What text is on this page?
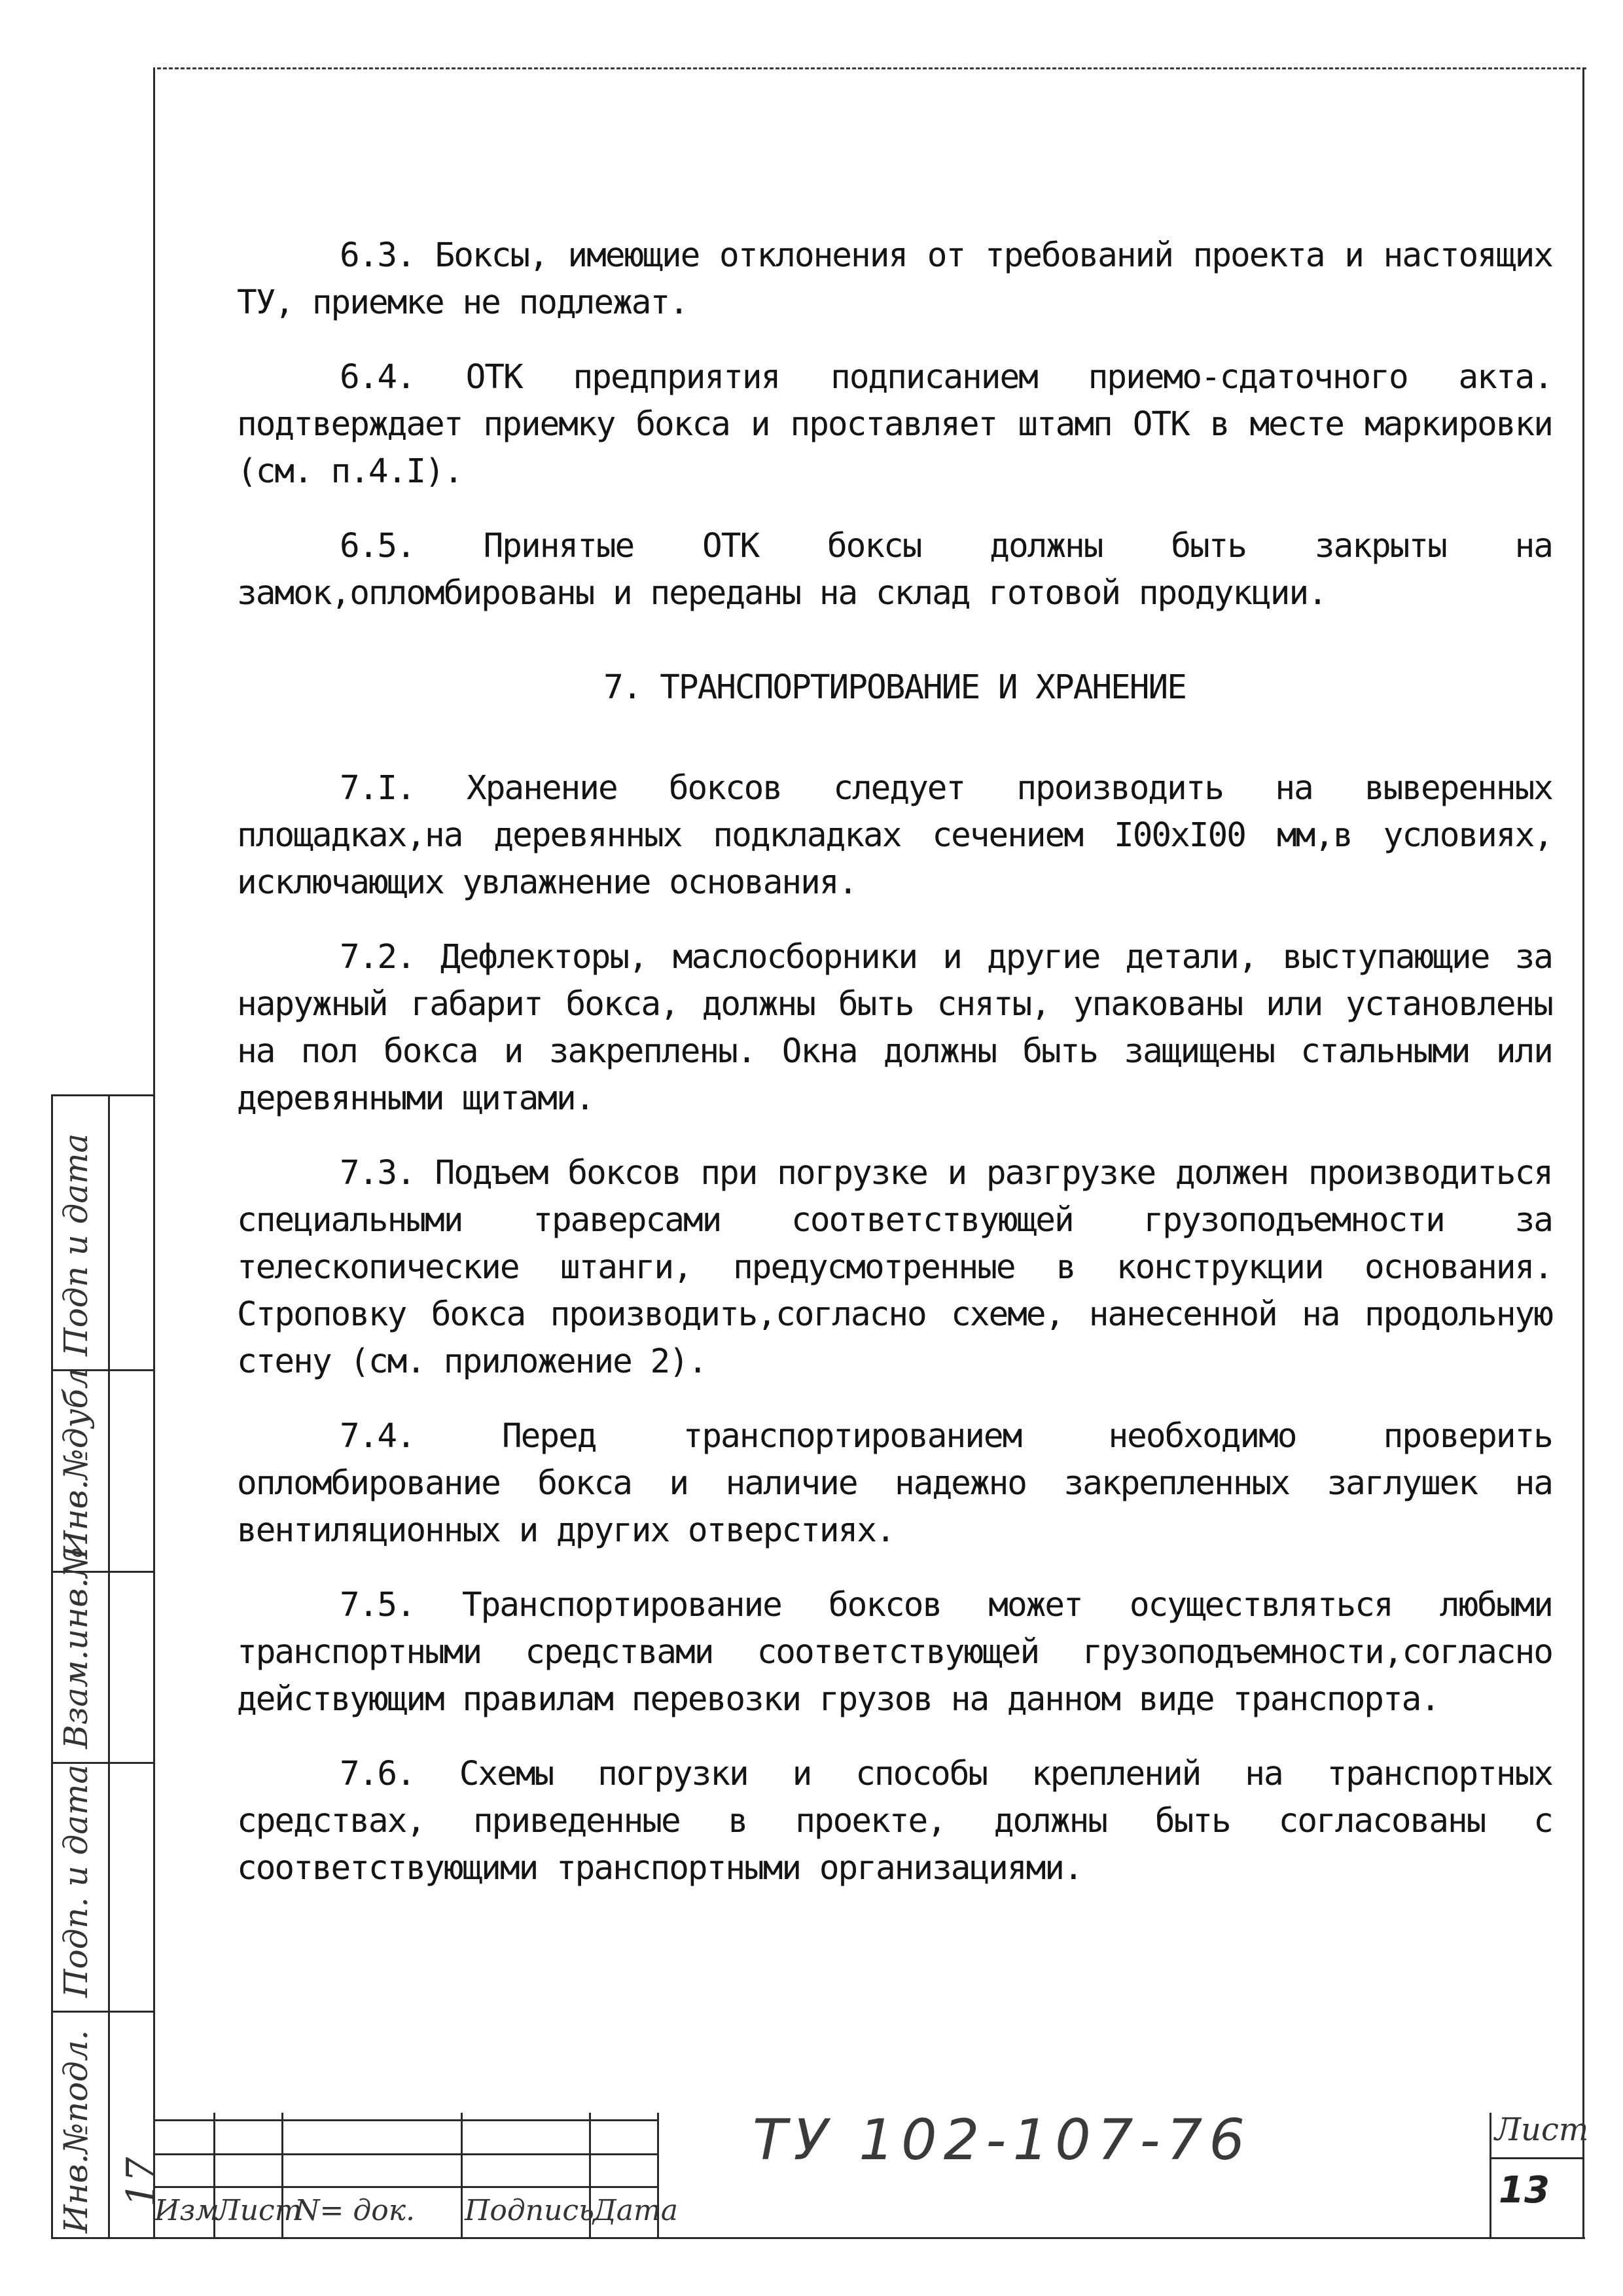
6.3. Боксы, имеющие отклонения от требований проекта и настоящих ТУ, приемке не подлежат.

6.4. ОТК предприятия подписанием приемо-сдаточного акта. подтверждает приемку бокса и проставляет штамп ОТК в месте маркировки (см. п.4.I).

6.5. Принятые ОТК боксы должны быть закрыты на замок,опломбированы и переданы на склад готовой продукции.

7. ТРАНСПОРТИРОВАНИЕ И ХРАНЕНИЕ

7.I. Хранение боксов следует производить на выверенных площадках,на деревянных подкладках сечением I00хI00 мм,в условиях, исключающих увлажнение основания.

7.2. Дефлекторы, маслосборники и другие детали, выступающие за наружный габарит бокса, должны быть сняты, упакованы или установлены на пол бокса и закреплены. Окна должны быть защищены стальными или деревянными щитами.

7.3. Подъем боксов при погрузке и разгрузке должен производиться специальными траверсами соответствующей грузоподъемности за телескопические штанги, предусмотренные в конструкции основания. Строповку бокса производить,согласно схеме, нанесенной на продольную стену (см. приложение 2).

7.4. Перед транспортированием необходимо проверить опломбирование бокса и наличие надежно закрепленных заглушек на вентиляционных и других отверстиях.

7.5. Транспортирование боксов может осуществляться любыми транспортными средствами соответствующей грузоподъемности,согласно действующим правилам перевозки грузов на данном виде транспорта.

7.6. Схемы погрузки и способы креплений на транспортных средствах, приведенные в проекте, должны быть согласованы с соответствующими транспортными организациями.

Подп и дата
Инв.№дубл
Взам.инв.№
Подп. и дата
Инв.№подл. 17
Изм
Лист
N= док. Подпись
Дата
ТУ 102-107-76	Лист
13
